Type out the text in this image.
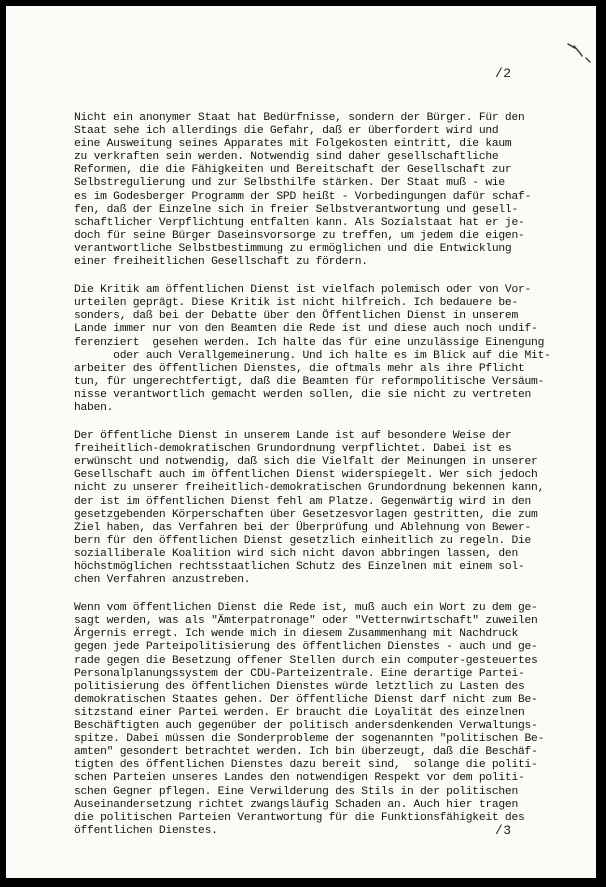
/2
Nicht ein anonymer Staat hat Bedürfnisse, sondern der Bürger. Für den
Staat sehe ich allerdings die Gefahr, daß er überfordert wird und
eine Ausweitung seines Apparates mit Folgekosten eintritt, die kaum
zu verkraften sein werden. Notwendig sind daher gesellschaftliche
Reformen, die die Fähigkeiten und Bereitschaft der Gesellschaft zur
Selbstregulierung und zur Selbsthilfe stärken. Der Staat muß - wie
es im Godesberger Programm der SPD heißt - Vorbedingungen dafür schaf-
fen, daß der Einzelne sich in freier Selbstverantwortung und gesell-
schaftlicher Verpflichtung entfalten kann. Als Sozialstaat hat er je-
doch für seine Bürger Daseinsvorsorge zu treffen, um jedem die eigen-
verantwortliche Selbstbestimmung zu ermöglichen und die Entwicklung
einer freiheitlichen Gesellschaft zu fördern.
Die Kritik am öffentlichen Dienst ist vielfach polemisch oder von Vor-
urteilen geprägt. Diese Kritik ist nicht hilfreich. Ich bedauere be-
sonders, daß bei der Debatte über den Öffentlichen Dienst in unserem
Lande immer nur von den Beamten die Rede ist und diese auch noch undif-
ferenziert  gesehen werden. Ich halte das für eine unzulässige Einengung
oder auch Verallgemeinerung. Und ich halte es im Blick auf die Mit-
arbeiter des öffentlichen Dienstes, die oftmals mehr als ihre Pflicht
tun, für ungerechtfertigt, daß die Beamten für reformpolitische Versäum-
nisse verantwortlich gemacht werden sollen, die sie nicht zu vertreten
haben.
Der öffentliche Dienst in unserem Lande ist auf besondere Weise der
freiheitlich-demokratischen Grundordnung verpflichtet. Dabei ist es
erwünscht und notwendig, daß sich die Vielfalt der Meinungen in unserer
Gesellschaft auch im öffentlichen Dienst widerspiegelt. Wer sich jedoch
nicht zu unserer freiheitlich-demokratischen Grundordnung bekennen kann,
der ist im öffentlichen Dienst fehl am Platze. Gegenwärtig wird in den
gesetzgebenden Körperschaften über Gesetzesvorlagen gestritten, die zum
Ziel haben, das Verfahren bei der Überprüfung und Ablehnung von Bewer-
bern für den öffentlichen Dienst gesetzlich einheitlich zu regeln. Die
sozialliberale Koalition wird sich nicht davon abbringen lassen, den
höchstmöglichen rechtsstaatlichen Schutz des Einzelnen mit einem sol-
chen Verfahren anzustreben.
Wenn vom öffentlichen Dienst die Rede ist, muß auch ein Wort zu dem ge-
sagt werden, was als "Ämterpatronage" oder "Vetternwirtschaft" zuweilen
Ärgernis erregt. Ich wende mich in diesem Zusammenhang mit Nachdruck
gegen jede Parteipolitisierung des öffentlichen Dienstes - auch und ge-
rade gegen die Besetzung offener Stellen durch ein computer-gesteuertes
Personalplanungssystem der CDU-Parteizentrale. Eine derartige Partei-
politisierung des öffentlichen Dienstes würde letztlich zu Lasten des
demokratischen Staates gehen. Der öffentliche Dienst darf nicht zum Be-
sitzstand einer Partei werden. Er braucht die Loyalität des einzelnen
Beschäftigten auch gegenüber der politisch andersdenkenden Verwaltungs-
spitze. Dabei müssen die Sonderprobleme der sogenannten "politischen Be-
amten" gesondert betrachtet werden. Ich bin überzeugt, daß die Beschäf-
tigten des öffentlichen Dienstes dazu bereit sind,  solange die politi-
schen Parteien unseres Landes den notwendigen Respekt vor dem politi-
schen Gegner pflegen. Eine Verwilderung des Stils in der politischen
Auseinandersetzung richtet zwangsläufig Schaden an. Auch hier tragen
die politischen Parteien Verantwortung für die Funktionsfähigkeit des
öffentlichen Dienstes.	/3
